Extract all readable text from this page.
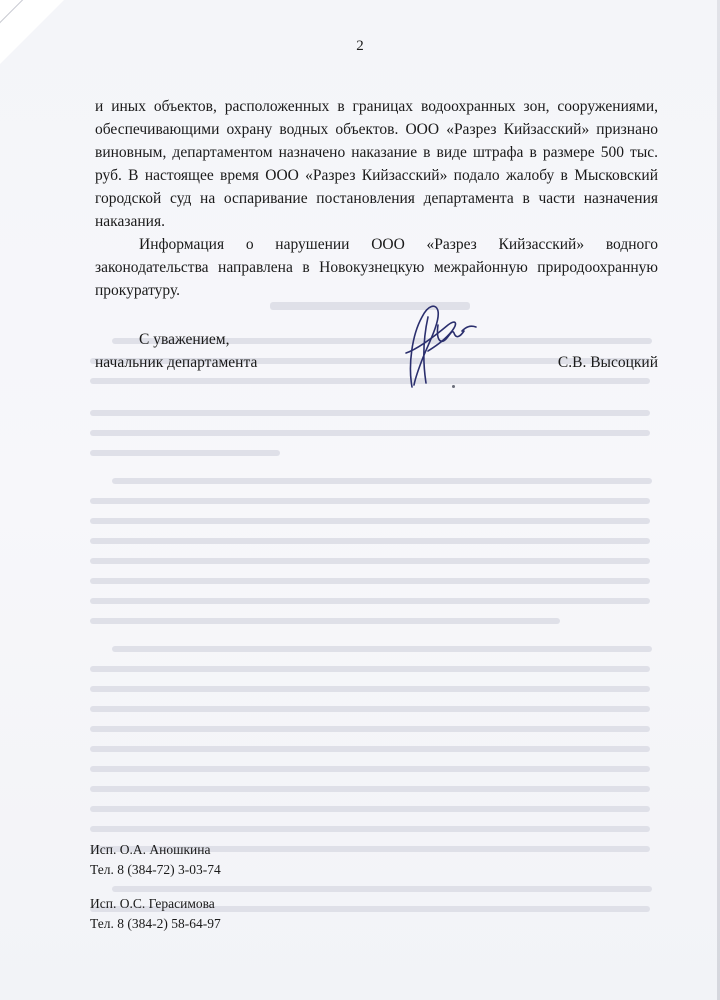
2

и иных объектов, расположенных в границах водоохранных зон, сооружениями, обеспечивающими охрану водных объектов. ООО «Разрез Кийзасский» признано виновным, департаментом назначено наказание в виде штрафа в размере 500 тыс. руб. В настоящее время ООО «Разрез Кийзасский» подало жалобу в Мысковский городской суд на оспаривание постановления департамента в части назначения наказания.

Информация о нарушении ООО «Разрез Кийзасский» водного законодательства направлена в Новокузнецкую межрайонную природоохранную прокуратуру.

С уважением,
начальник департамента	С.В. Высоцкий
Исп. О.А. Аношкина
Тел. 8 (384-72) 3-03-74
Исп. О.С. Герасимова
Тел. 8 (384-2) 58-64-97
